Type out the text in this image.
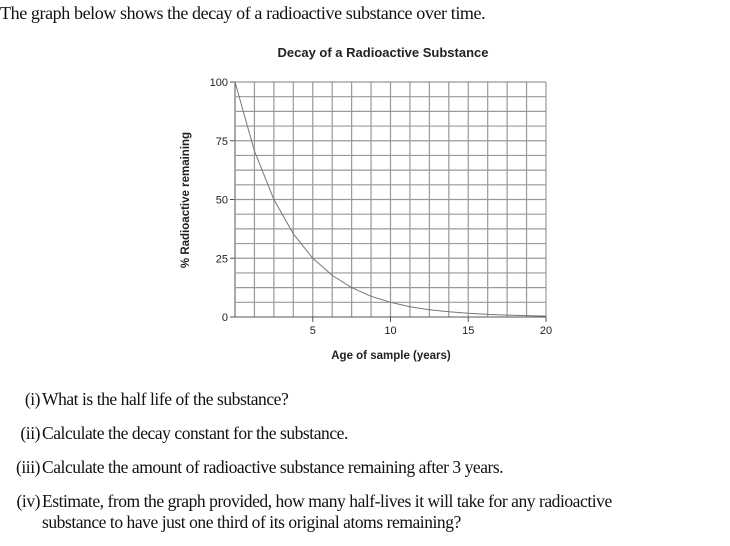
The graph below shows the decay of a radioactive substance over time.
Decay of a Radioactive Substance
0
25
50
75
100
5	10	15	20
Age of sample (years)
% Radioactive remaining
(i) What is the half life of the substance?
(ii) Calculate the decay constant for the substance.
(iii) Calculate the amount of radioactive substance remaining after 3 years.
(iv) Estimate, from the graph provided, how many half-lives it will take for any radioactive
substance to have just one third of its original atoms remaining?
